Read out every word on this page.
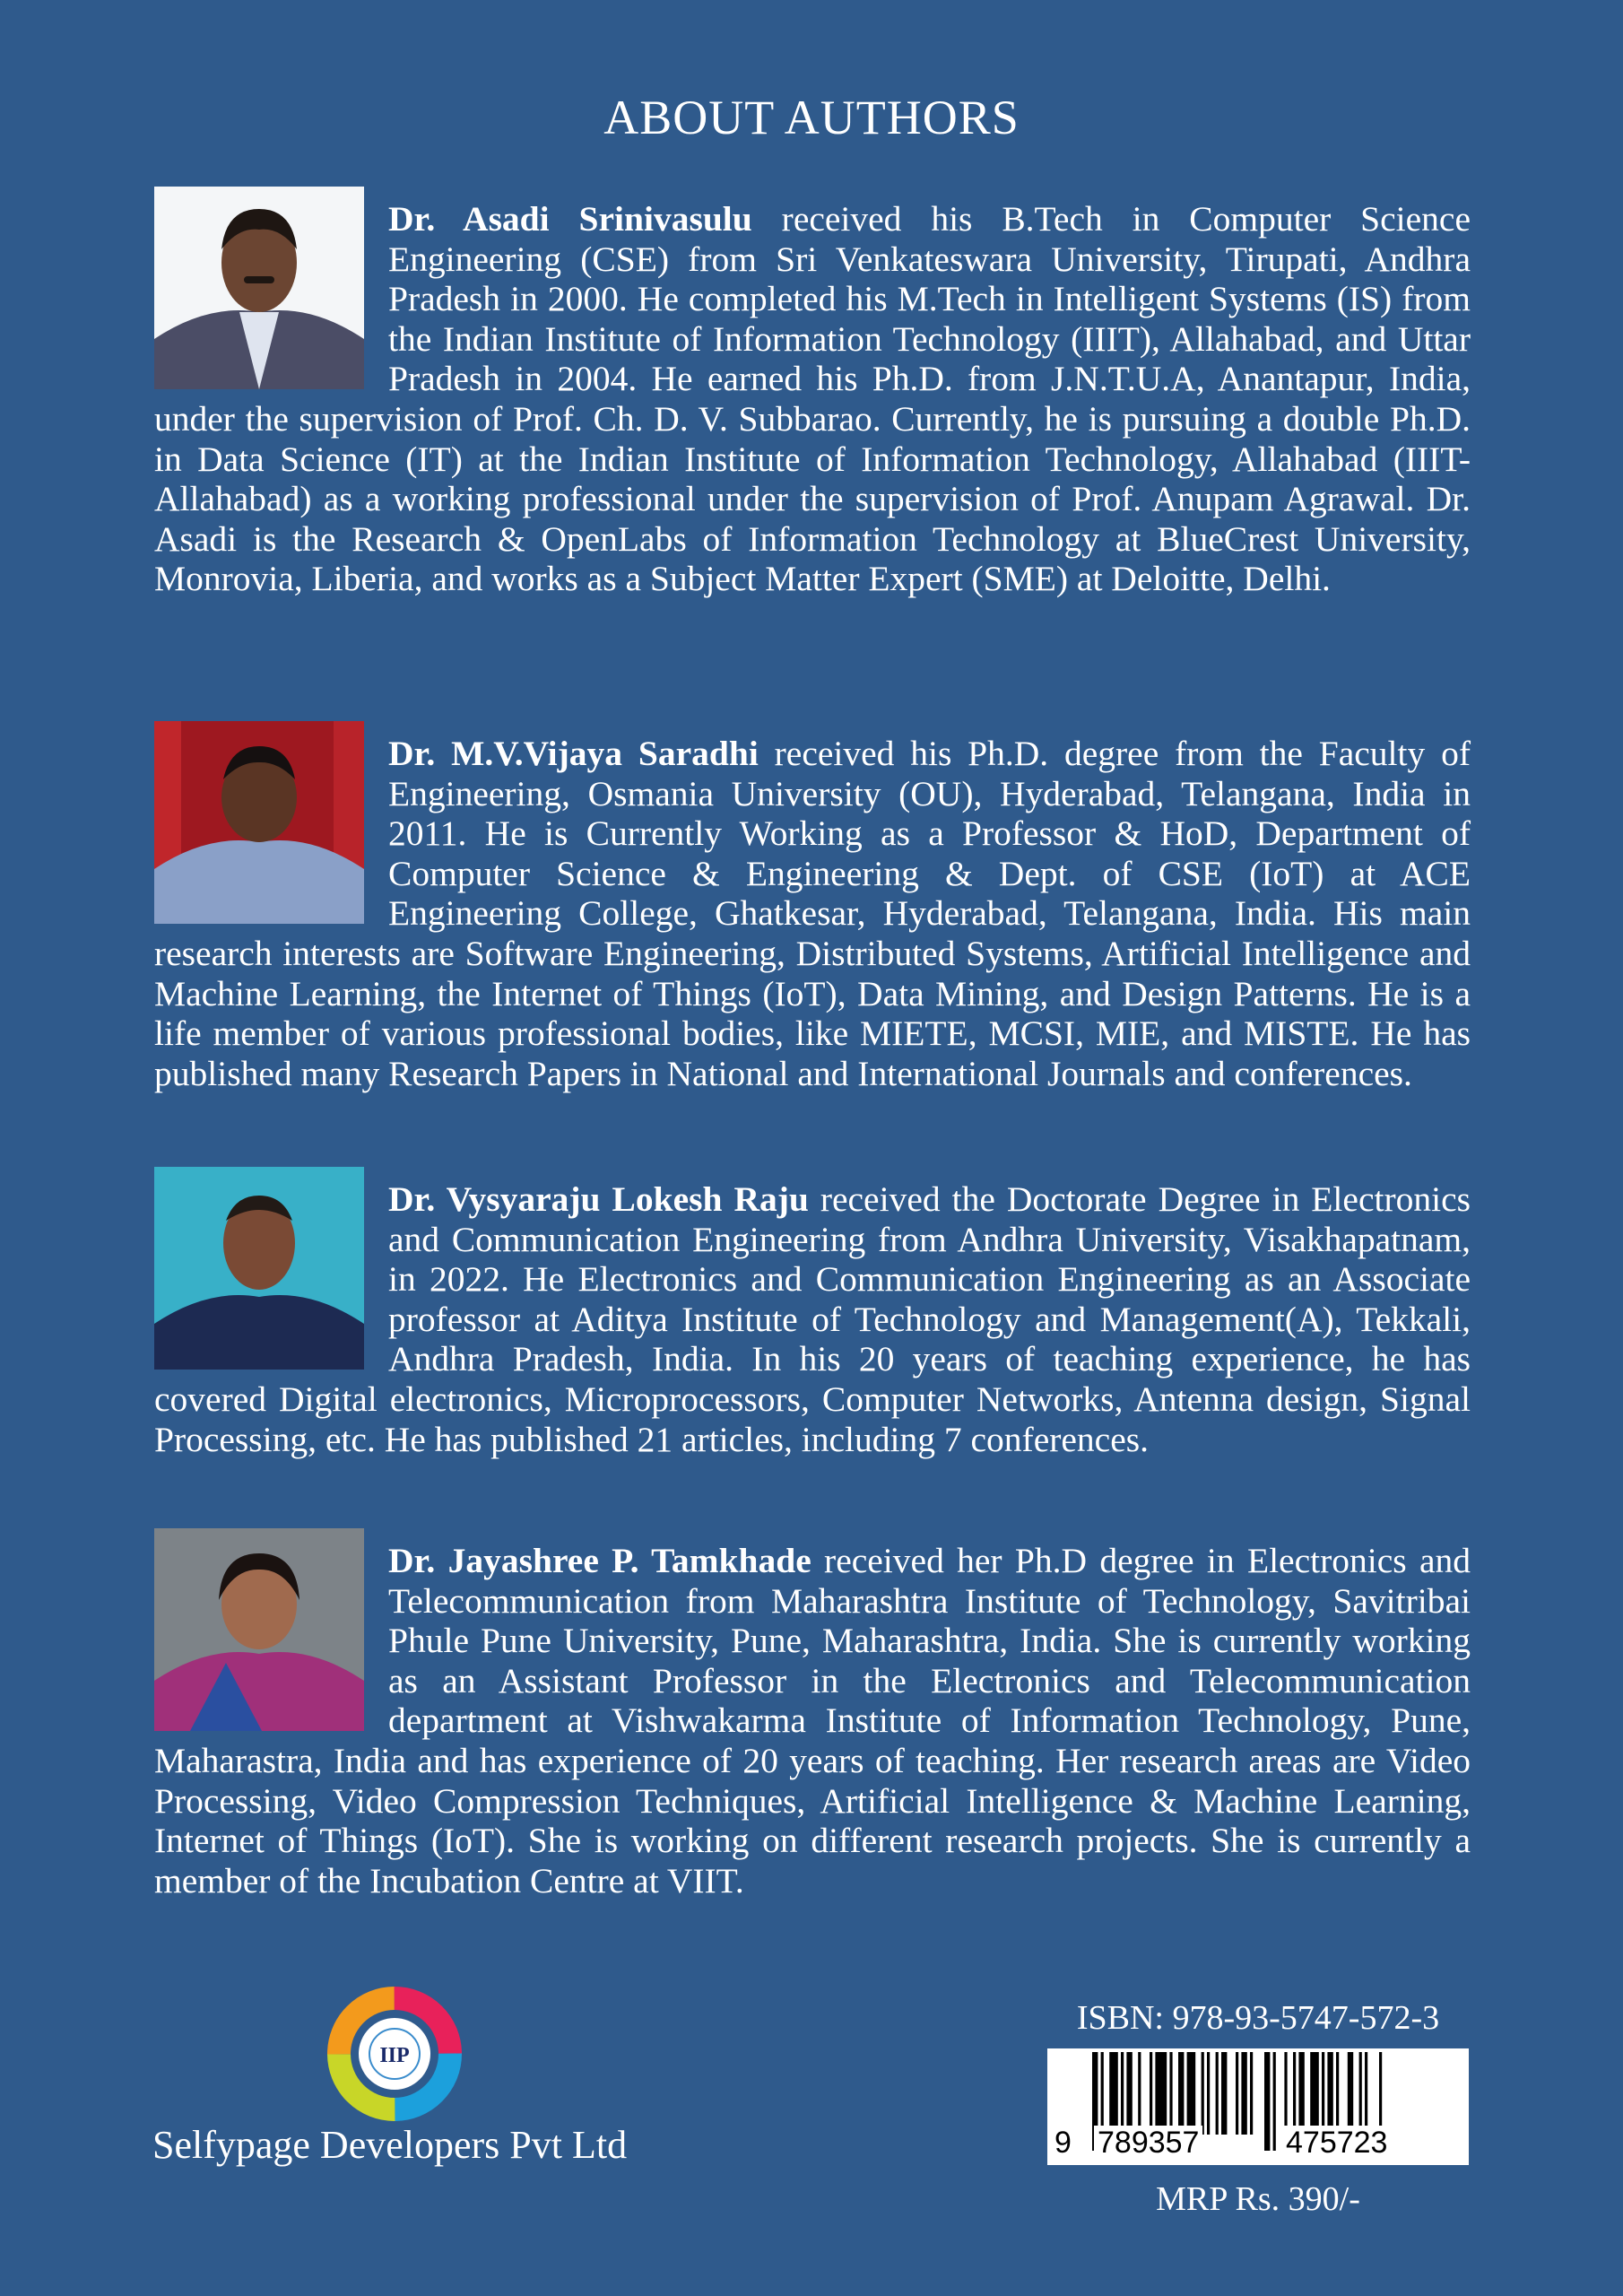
ABOUT AUTHORS
Dr. Asadi Srinivasulu received his B.Tech in Computer Science Engineering (CSE) from Sri Venkateswara University, Tirupati, Andhra Pradesh in 2000. He completed his M.Tech in Intelligent Systems (IS) from the Indian Institute of Information Technology (IIIT), Allahabad, and Uttar Pradesh in 2004. He earned his Ph.D. from J.N.T.U.A, Anantapur, India, under the supervision of Prof. Ch. D. V. Subbarao. Currently, he is pursuing a double Ph.D. in Data Science (IT) at the Indian Institute of Information Technology, Allahabad (IIIT-Allahabad) as a working professional under the supervision of Prof. Anupam Agrawal. Dr. Asadi is the Research & OpenLabs of Information Technology at BlueCrest University, Monrovia, Liberia, and works as a Subject Matter Expert (SME) at Deloitte, Delhi.
Dr. M.V.Vijaya Saradhi received his Ph.D. degree from the Faculty of Engineering, Osmania University (OU), Hyderabad, Telangana, India in 2011. He is Currently Working as a Professor & HoD, Department of Computer Science & Engineering & Dept. of CSE (IoT) at ACE Engineering College, Ghatkesar, Hyderabad, Telangana, India. His main research interests are Software Engineering, Distributed Systems, Artificial Intelligence and Machine Learning, the Internet of Things (IoT), Data Mining, and Design Patterns. He is a life member of various professional bodies, like MIETE, MCSI, MIE, and MISTE. He has published many Research Papers in National and International Journals and conferences.
Dr. Vysyaraju Lokesh Raju received the Doctorate Degree in Electronics and Communication Engineering from Andhra University, Visakhapatnam, in 2022. He Electronics and Communication Engineering as an Associate professor at Aditya Institute of Technology and Management(A), Tekkali, Andhra Pradesh, India. In his 20 years of teaching experience, he has covered Digital electronics, Microprocessors, Computer Networks, Antenna design, Signal Processing, etc. He has published 21 articles, including 7 conferences.
Dr. Jayashree P. Tamkhade received her Ph.D degree in Electronics and Telecommunication from Maharashtra Institute of Technology, Savitribai Phule Pune University, Pune, Maharashtra, India. She is currently working as an Assistant Professor in the Electronics and Telecommunication department at Vishwakarma Institute of Information Technology, Pune, Maharastra, India and has experience of 20 years of teaching. Her research areas are Video Processing, Video Compression Techniques, Artificial Intelligence & Machine Learning, Internet of Things (IoT). She is working on different research projects. She is currently a member of the Incubation Centre at VIIT.
IIP
Selfypage Developers Pvt Ltd
ISBN: 978-93-5747-572-3
9 789357	475723
MRP Rs. 390/-
